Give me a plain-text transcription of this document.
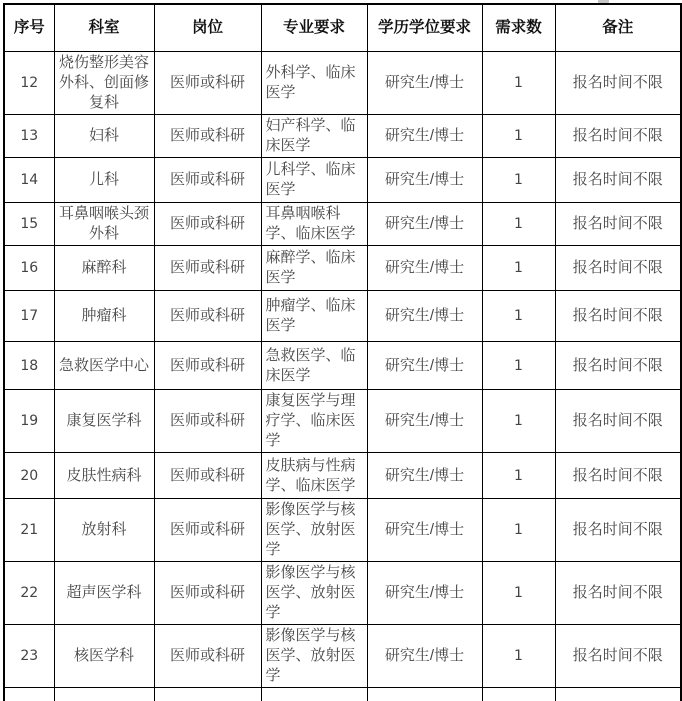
序号	科室	岗位	专业要求	学历学位要求	需求数	备注
12	烧伤整形美容外科、创面修复科	医师或科研	外科学、临床医学	研究生/博士	1	报名时间不限
13	妇科	医师或科研	妇产科学、临床医学	研究生/博士	1	报名时间不限
14	儿科	医师或科研	儿科学、临床医学	研究生/博士	1	报名时间不限
15	耳鼻咽喉头颈外科	医师或科研	耳鼻咽喉科学、临床医学	研究生/博士	1	报名时间不限
16	麻醉科	医师或科研	麻醉学、临床医学	研究生/博士	1	报名时间不限
17	肿瘤科	医师或科研	肿瘤学、临床医学	研究生/博士	1	报名时间不限
18	急救医学中心	医师或科研	急救医学、临床医学	研究生/博士	1	报名时间不限
19	康复医学科	医师或科研	康复医学与理疗学、临床医学	研究生/博士	1	报名时间不限
20	皮肤性病科	医师或科研	皮肤病与性病学、临床医学	研究生/博士	1	报名时间不限
21	放射科	医师或科研	影像医学与核医学、放射医学	研究生/博士	1	报名时间不限
22	超声医学科	医师或科研	影像医学与核医学、放射医学	研究生/博士	1	报名时间不限
23	核医学科	医师或科研	影像医学与核医学、放射医学	研究生/博士	1	报名时间不限
